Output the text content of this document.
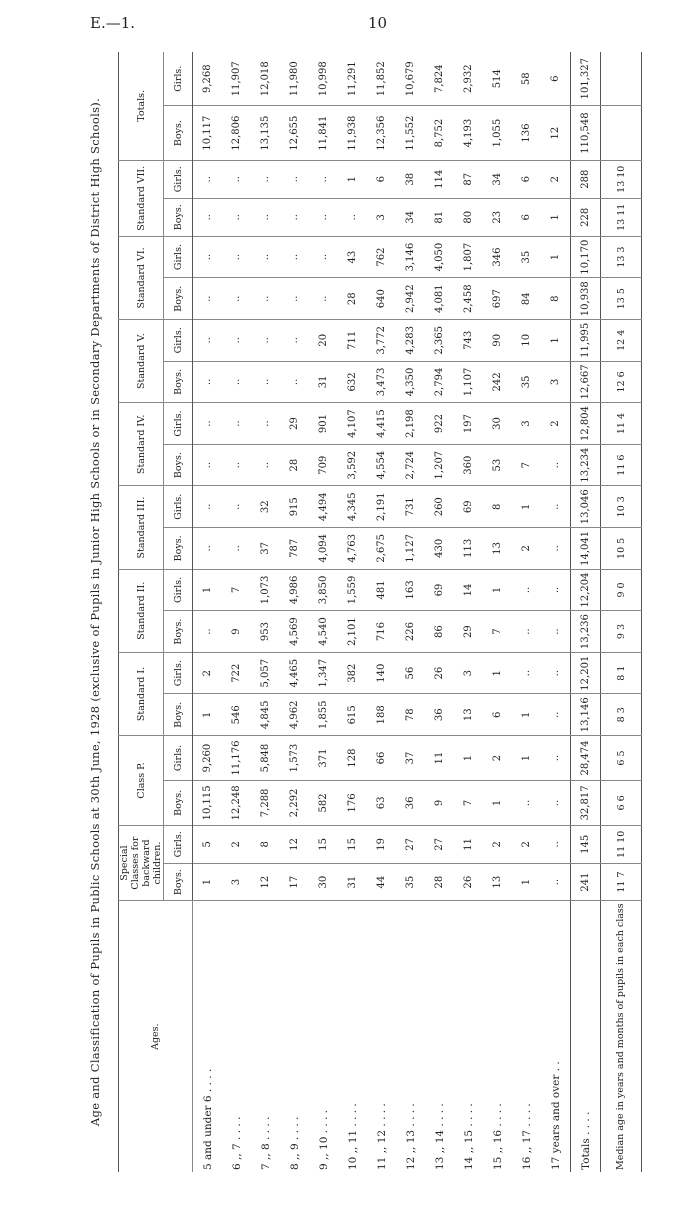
E.—1.	10
Age and Classification of Pupils in Public Schools at 30th June, 1928 (exclusive of Pupils in Junior High Schools or in Secondary Departments of District High Schools).	Ages.	Special Classes for backward children.		Class P.		Standard I.		Standard II.		Standard III.		Standard IV.		Standard V.		Standard VI.		Standard VII.		Totals.	
	Boys.	Girls.	Boys.	Girls.	Boys.	Girls.	Boys.	Girls.	Boys.	Girls.	Boys.	Girls.	Boys.	Girls.	Boys.	Girls.	Boys.	Girls.	Boys.	Girls.
5 and under 6 . . . .	1	5	10,115	9,260	1	2	..	1	..	..	..	..	..	..	..	..	..	..	10,117	9,268
6 ,, 7 . . . .	3	2	12,248	11,176	546	722	9	7	..	..	..	..	..	..	..	..	..	..	12,806	11,907
7 ,, 8 . . . .	12	8	7,288	5,848	4,845	5,057	953	1,073	37	32	..	..	..	..	..	..	..	..	13,135	12,018
8 ,, 9 . . . .	17	12	2,292	1,573	4,962	4,465	4,569	4,986	787	915	28	29	..	..	..	..	..	..	12,655	11,980
9 ,, 10 . . . .	30	15	582	371	1,855	1,347	4,540	3,850	4,094	4,494	709	901	31	20	..	..	..	..	11,841	10,998
10 ,, 11 . . . .	31	15	176	128	615	382	2,101	1,559	4,763	4,345	3,592	4,107	632	711	28	43	..	1	11,938	11,291
11 ,, 12 . . . .	44	19	63	66	188	140	716	481	2,675	2,191	4,554	4,415	3,473	3,772	640	762	3	6	12,356	11,852
12 ,, 13 . . . .	35	27	36	37	78	56	226	163	1,127	731	2,724	2,198	4,350	4,283	2,942	3,146	34	38	11,552	10,679
13 ,, 14 . . . .	28	27	9	11	36	26	86	69	430	260	1,207	922	2,794	2,365	4,081	4,050	81	114	8,752	7,824
14 ,, 15 . . . .	26	11	7	1	13	3	29	14	113	69	360	197	1,107	743	2,458	1,807	80	87	4,193	2,932
15 ,, 16 . . . .	13	2	1	2	6	1	7	1	13	8	53	30	242	90	697	346	23	34	1,055	514
16 ,, 17 . . . .	1	2	..	1	1	..	..	..	2	1	7	3	35	10	84	35	6	6	136	58
17 years and over . .	..	..	..	..	..	..	..	..	..	..	..	2	3	1	8	1	1	2	12	6
Totals . . . .	241	145	32,817	28,474	13,146	12,201	13,236	12,204	14,041	13,046	13,234	12,804	12,667	11,995	10,938	10,170	228	288	110,548	101,327
Median age in years and months of pupils in each class	11 7	11 10	6 6	6 5	8 3	8 1	9 3	9 0	10 5	10 3	11 6	11 4	12 6	12 4	13 5	13 3	13 11	13 10		
